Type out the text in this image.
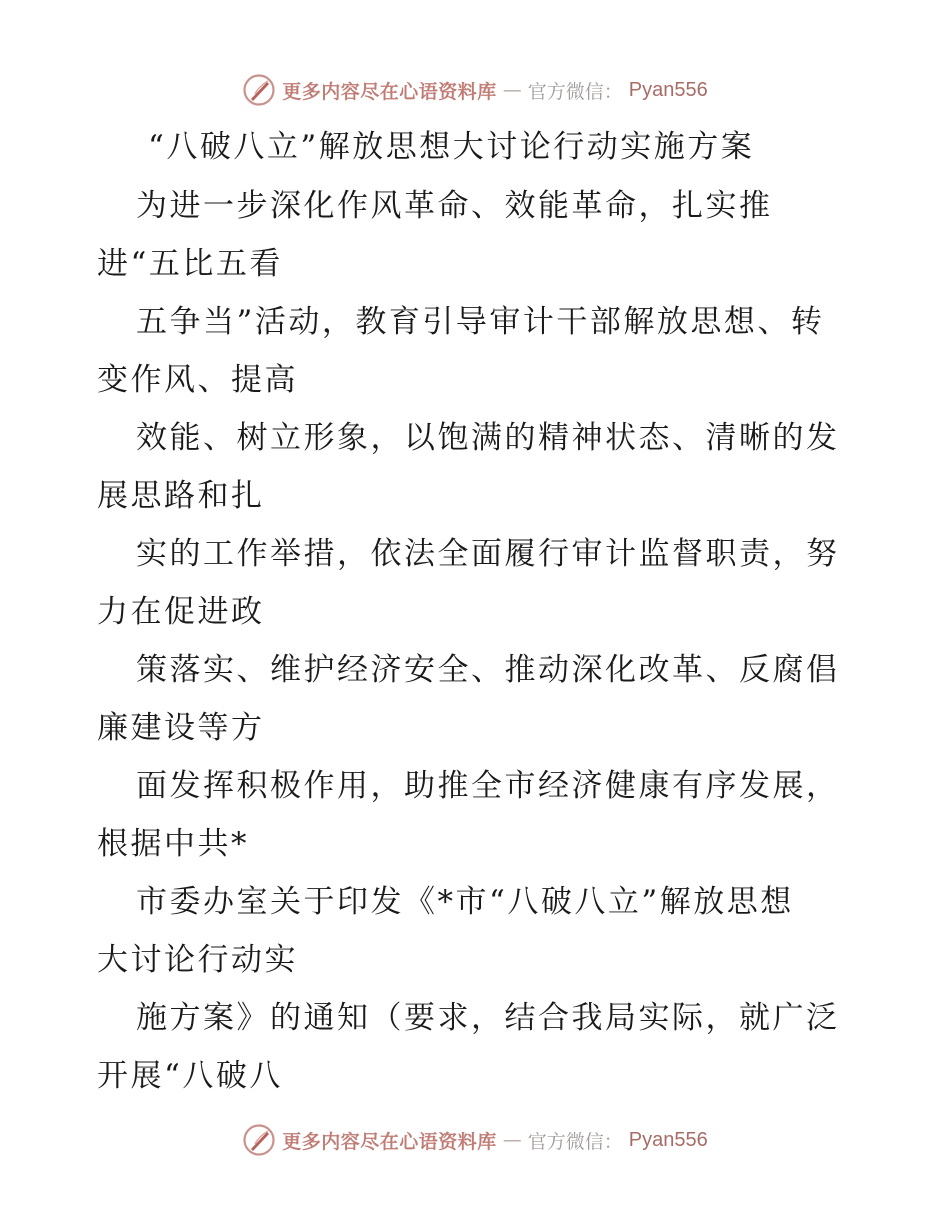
更多内容尽在心语资料库 — 官方微信： Pyan556
“八破八立”解放思想大讨论行动实施方案
为进一步深化作风革命、效能革命，扎实推
进“五比五看
五争当”活动，教育引导审计干部解放思想、转
变作风、提高
效能、树立形象，以饱满的精神状态、清晰的发
展思路和扎
实的工作举措，依法全面履行审计监督职责，努
力在促进政
策落实、维护经济安全、推动深化改革、反腐倡
廉建设等方
面发挥积极作用，助推全市经济健康有序发展，
根据中共*
市委办室关于印发《*市“八破八立”解放思想
大讨论行动实
施方案》的通知（要求，结合我局实际，就广泛
开展“八破八
更多内容尽在心语资料库 — 官方微信： Pyan556
